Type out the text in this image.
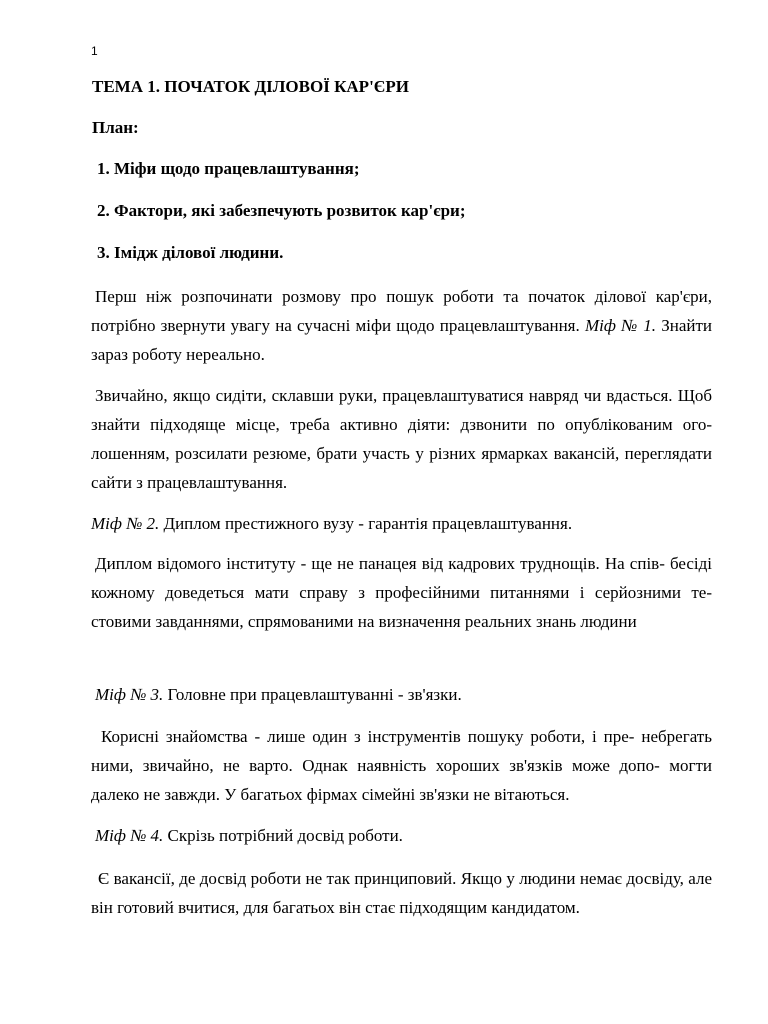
1
ТЕМА 1. ПОЧАТОК ДІЛОВОЇ КАР'ЄРИ
План:
1. Міфи щодо працевлаштування;
2. Фактори, які забезпечують розвиток кар'єри;
3. Імідж ділової людини.

Перш ніж розпочинати розмову про пошук роботи та початок ділової кар'єри, потрібно звернути увагу на сучасні міфи щодо працевлаштування. Міф № 1. Знайти зараз роботу нереально.

Звичайно, якщо сидіти, склавши руки, працевлаштуватися навряд чи вдасться. Щоб знайти підходяще місце, треба активно діяти: дзвонити по опублікованим ого- лошенням, розсилати резюме, брати участь у різних ярмарках вакансій, переглядати сайти з працевлаштування.

Міф № 2. Диплом престижного вузу - гарантія працевлаштування.

Диплом відомого інституту - ще не панацея від кадрових труднощів. На спів- бесіді кожному доведеться мати справу з професійними питаннями і серйозними те- стовими завданнями, спрямованими на визначення реальних знань людини

Міф № 3. Головне при працевлаштуванні - зв'язки.

Корисні знайомства - лише один з інструментів пошуку роботи, і пре- небрегать ними, звичайно, не варто. Однак наявність хороших зв'язків може допо- могти далеко не завжди. У багатьох фірмах сімейні зв'язки не вітаються.

Міф № 4. Скрізь потрібний досвід роботи.

Є вакансії, де досвід роботи не так принциповий. Якщо у людини немає досвіду, але він готовий вчитися, для багатьох він стає підходящим кандидатом.
